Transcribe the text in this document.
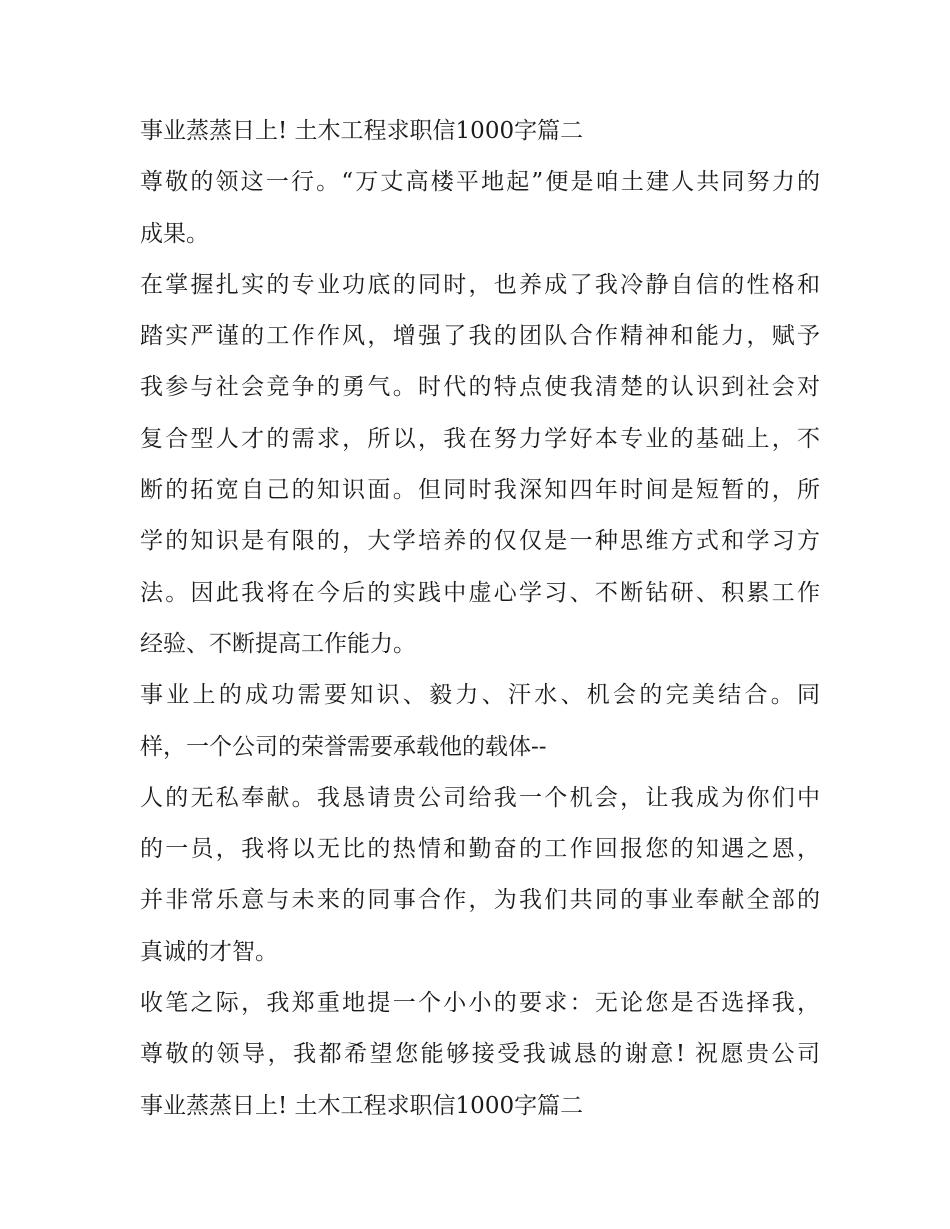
事业蒸蒸日上! 土木工程求职信1000字篇二
尊敬的领这一行。“万丈高楼平地起”便是咱土建人共同努力的
成果。
在掌握扎实的专业功底的同时，也养成了我冷静自信的性格和
踏实严谨的工作作风，增强了我的团队合作精神和能力，赋予
我参与社会竞争的勇气。时代的特点使我清楚的认识到社会对
复合型人才的需求，所以，我在努力学好本专业的基础上，不
断的拓宽自己的知识面。但同时我深知四年时间是短暂的，所
学的知识是有限的，大学培养的仅仅是一种思维方式和学习方
法。因此我将在今后的实践中虚心学习、不断钻研、积累工作
经验、不断提高工作能力。
事业上的成功需要知识、毅力、汗水、机会的完美结合。同
样，一个公司的荣誉需要承载他的载体--
人的无私奉献。我恳请贵公司给我一个机会，让我成为你们中
的一员，我将以无比的热情和勤奋的工作回报您的知遇之恩，
并非常乐意与未来的同事合作，为我们共同的事业奉献全部的
真诚的才智。
收笔之际，我郑重地提一个小小的要求：无论您是否选择我，
尊敬的领导，我都希望您能够接受我诚恳的谢意! 祝愿贵公司
事业蒸蒸日上! 土木工程求职信1000字篇二
